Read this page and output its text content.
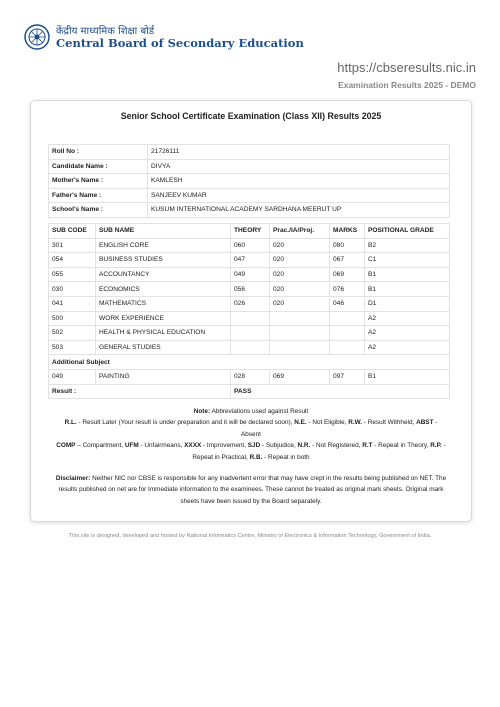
केंद्रीय माध्यमिक शिक्षा बोर्ड
Central Board of Secondary Education
https://cbseresults.nic.in
Examination Results 2025 - DEMO
Senior School Certificate Examination (Class XII) Results 2025
Roll No :	21726111
Candidate Name :	DIVYA
Mother's Name :	KAMLESH
Father's Name :	SANJEEV KUMAR
School's Name :	KUSUM INTERNATIONAL ACADEMY SARDHANA MEERUT UP
SUB CODE	SUB NAME	THEORY	Prac./IA/Proj.	MARKS	POSITIONAL GRADE
301	ENGLISH CORE	060	020	080	B2
054	BUSINESS STUDIES	047	020	067	C1
055	ACCOUNTANCY	049	020	069	B1
030	ECONOMICS	056	020	076	B1
041	MATHEMATICS	026	020	046	D1
500	WORK EXPERIENCE				A2
502	HEALTH & PHYSICAL EDUCATION				A2
503	GENERAL STUDIES				A2
Additional Subject					
049	PAINTING	028	069	097	B1
Result :		PASS			
Note: Abbreviations used against Result
R.L. - Result Later (Your result is under preparation and it will be declared soon), N.E. - Not Eligible, R.W. - Result Withheld, ABST - Absent
COMP – Compartment, UFM - Unfairmeans, XXXX - Improvement, SJD - Subjudice, N.R. - Not Registered, R.T - Repeat in Theory, R.P. - Repeat in Practical, R.B. - Repeat in both
Disclaimer: Neither NIC nor CBSE is responsible for any inadvertent error that may have crept in the results being published on NET. The results published on net are for Immediate information to the examinees. These cannot be treated as original mark sheets. Original mark sheets have been issued by the Board separately.
This site is designed, developed and hosted by National Informatics Centre, Ministry of Electronics & Information Technology, Government of India.
